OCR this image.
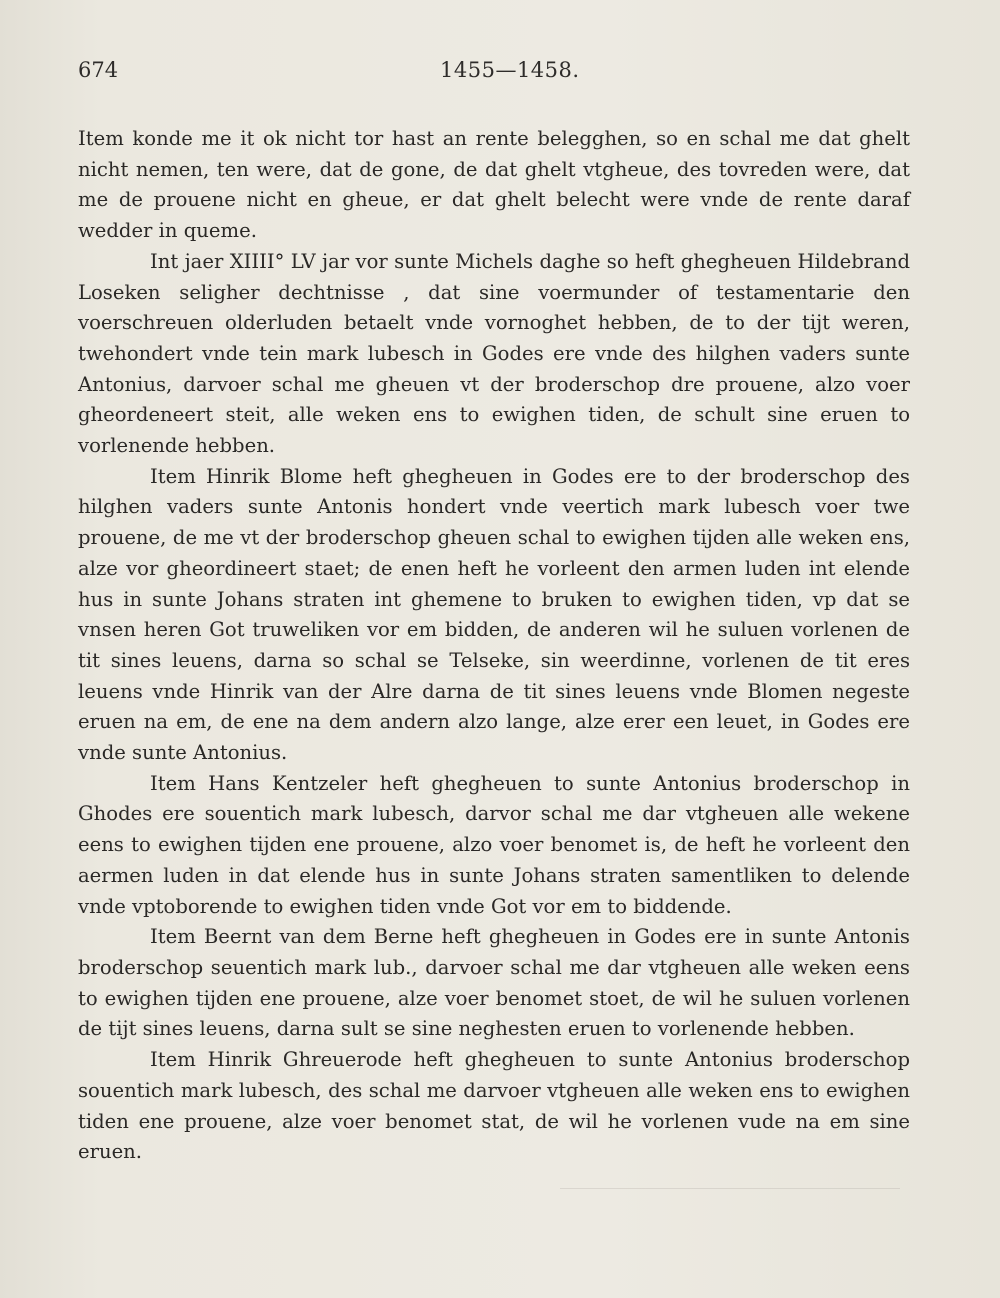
674	1455—1458.

Item konde me it ok nicht tor hast an rente belegghen, so en schal me dat ghelt nicht nemen, ten were, dat de gone, de dat ghelt vtgheue, des tovreden were, dat me de prouene nicht en gheue, er dat ghelt belecht were vnde de rente daraf wedder in queme.

Int jaer XIIII° LV jar vor sunte Michels daghe so heft ghegheuen Hildebrand Loseken seligher dechtnisse , dat sine voermunder of testamentarie den voerschreuen olderluden betaelt vnde vornoghet hebben, de to der tijt weren, twehondert vnde tein mark lubesch in Godes ere vnde des hilghen vaders sunte Antonius, darvoer schal me gheuen vt der broderschop dre prouene, alzo voer gheordeneert steit, alle weken ens to ewighen tiden, de schult sine eruen to vorlenende hebben.

Item Hinrik Blome heft ghegheuen in Godes ere to der broderschop des hilghen vaders sunte Antonis hondert vnde veertich mark lubesch voer twe prouene, de me vt der broderschop gheuen schal to ewighen tijden alle weken ens, alze vor gheordineert staet; de enen heft he vorleent den armen luden int elende hus in sunte Johans straten int ghemene to bruken to ewighen tiden, vp dat se vnsen heren Got truweliken vor em bidden, de anderen wil he suluen vorlenen de tit sines leuens, darna so schal se Telseke, sin weerdinne, vorlenen de tit eres leuens vnde Hinrik van der Alre darna de tit sines leuens vnde Blomen negeste eruen na em, de ene na dem andern alzo lange, alze erer een leuet, in Godes ere vnde sunte Antonius.

Item Hans Kentzeler heft ghegheuen to sunte Antonius broderschop in Ghodes ere souentich mark lubesch, darvor schal me dar vtgheuen alle wekene eens to ewighen tijden ene prouene, alzo voer benomet is, de heft he vorleent den aermen luden in dat elende hus in sunte Johans straten samentliken to delende vnde vptoborende to ewighen tiden vnde Got vor em to biddende.

Item Beernt van dem Berne heft ghegheuen in Godes ere in sunte Antonis broderschop seuentich mark lub., darvoer schal me dar vtgheuen alle weken eens to ewighen tijden ene prouene, alze voer benomet stoet, de wil he suluen vorlenen de tijt sines leuens, darna sult se sine neghesten eruen to vorlenende hebben.

Item Hinrik Ghreuerode heft ghegheuen to sunte Antonius broderschop souentich mark lubesch, des schal me darvoer vtgheuen alle weken ens to ewighen tiden ene prouene, alze voer benomet stat, de wil he vorlenen vude na em sine eruen.
